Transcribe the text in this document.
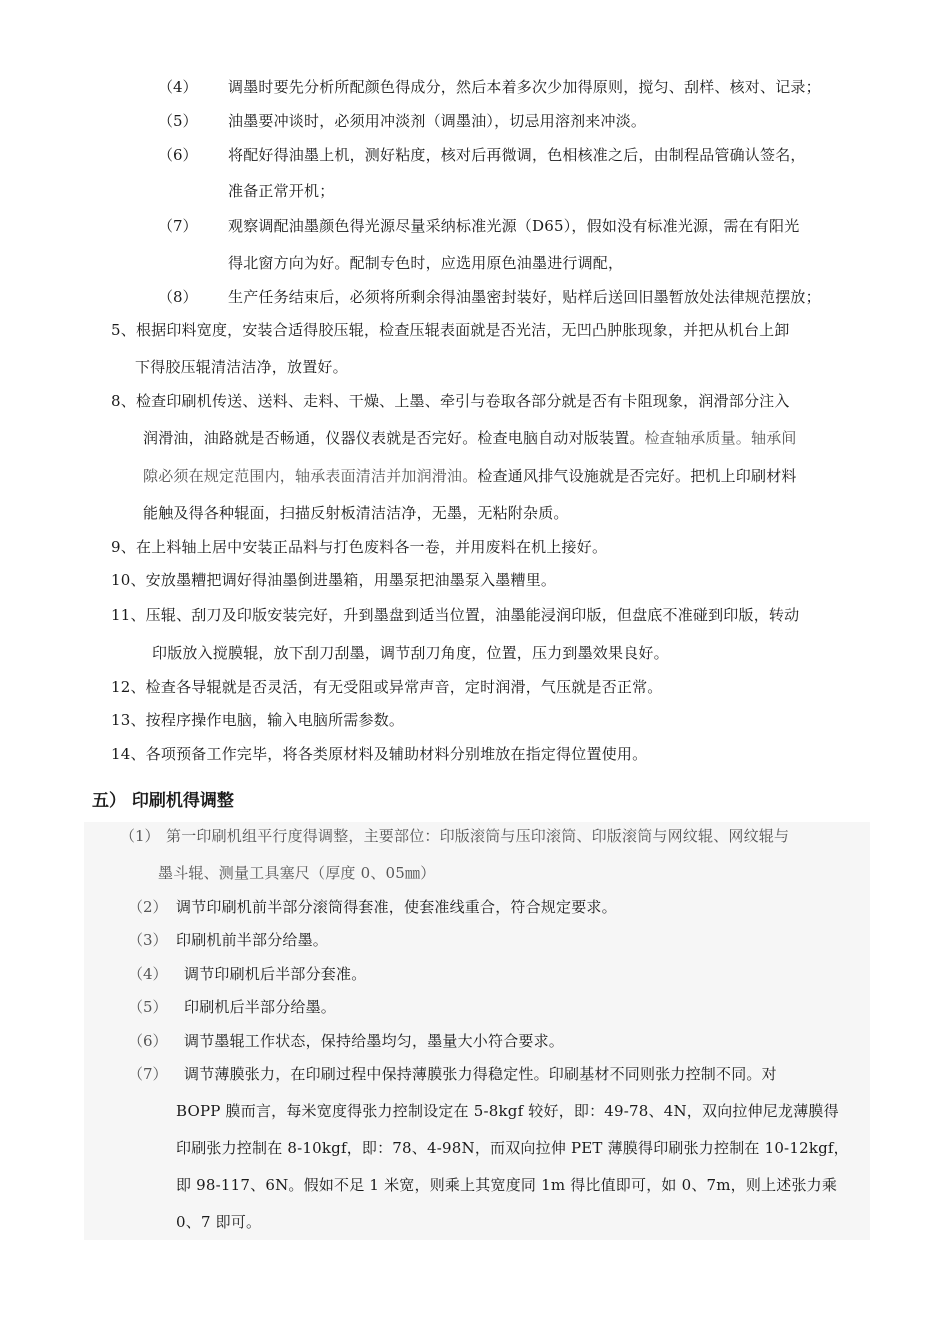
（4） 调墨时要先分析所配颜色得成分，然后本着多次少加得原则，搅匀、刮样、核对、记录；
（5） 油墨要冲谈时，必须用冲淡剂（调墨油），切忌用溶剂来冲淡。
（6） 将配好得油墨上机，测好粘度，核对后再微调，色相核准之后，由制程品管确认签名，
准备正常开机；
（7） 观察调配油墨颜色得光源尽量采纳标准光源（D65），假如没有标准光源，需在有阳光
得北窗方向为好。配制专色时，应选用原色油墨进行调配，
（8） 生产任务结束后，必须将所剩余得油墨密封装好，贴样后送回旧墨暂放处法律规范摆放；
5、根据印料宽度，安装合适得胶压辊，检查压辊表面就是否光洁，无凹凸肿胀现象，并把从机台上卸
下得胶压辊清洁洁净，放置好。
8、检查印刷机传送、送料、走料、干燥、上墨、牵引与卷取各部分就是否有卡阻现象，润滑部分注入
润滑油，油路就是否畅通，仪器仪表就是否完好。检查电脑自动对版装置。检查轴承质量。轴承间
隙必须在规定范围内，轴承表面清洁并加润滑油。检查通风排气设施就是否完好。把机上印刷材料
能触及得各种辊面，扫描反射板清洁洁净，无墨，无粘附杂质。
9、在上料轴上居中安装正品料与打色废料各一卷，并用废料在机上接好。
10、安放墨糟把调好得油墨倒进墨箱，用墨泵把油墨泵入墨糟里。
11、压辊、刮刀及印版安装完好，升到墨盘到适当位置，油墨能浸润印版，但盘底不准碰到印版，转动
印版放入搅膜辊，放下刮刀刮墨，调节刮刀角度，位置，压力到墨效果良好。
12、检查各导辊就是否灵活，有无受阻或异常声音，定时润滑，气压就是否正常。
13、按程序操作电脑，输入电脑所需参数。
14、各项预备工作完毕，将各类原材料及辅助材料分别堆放在指定得位置使用。
五） 印刷机得调整
（1） 第一印刷机组平行度得调整，主要部位：印版滚筒与压印滚筒、印版滚筒与网纹辊、网纹辊与
墨斗辊、测量工具塞尺（厚度 0、05㎜）
（2） 调节印刷机前半部分滚筒得套准，使套准线重合，符合规定要求。
（3） 印刷机前半部分给墨。
（4） 调节印刷机后半部分套准。
（5） 印刷机后半部分给墨。
（6） 调节墨辊工作状态，保持给墨均匀，墨量大小符合要求。
（7） 调节薄膜张力，在印刷过程中保持薄膜张力得稳定性。印刷基材不同则张力控制不同。对
BOPP 膜而言，每米宽度得张力控制设定在 5-8kgf 较好，即：49-78、4N，双向拉伸尼龙薄膜得
印刷张力控制在 8-10kgf，即：78、4-98N，而双向拉伸 PET 薄膜得印刷张力控制在 10-12kgf，
即 98-117、6N。假如不足 1 米宽，则乘上其宽度同 1m 得比值即可，如 0、7m，则上述张力乘
0、7 即可。
